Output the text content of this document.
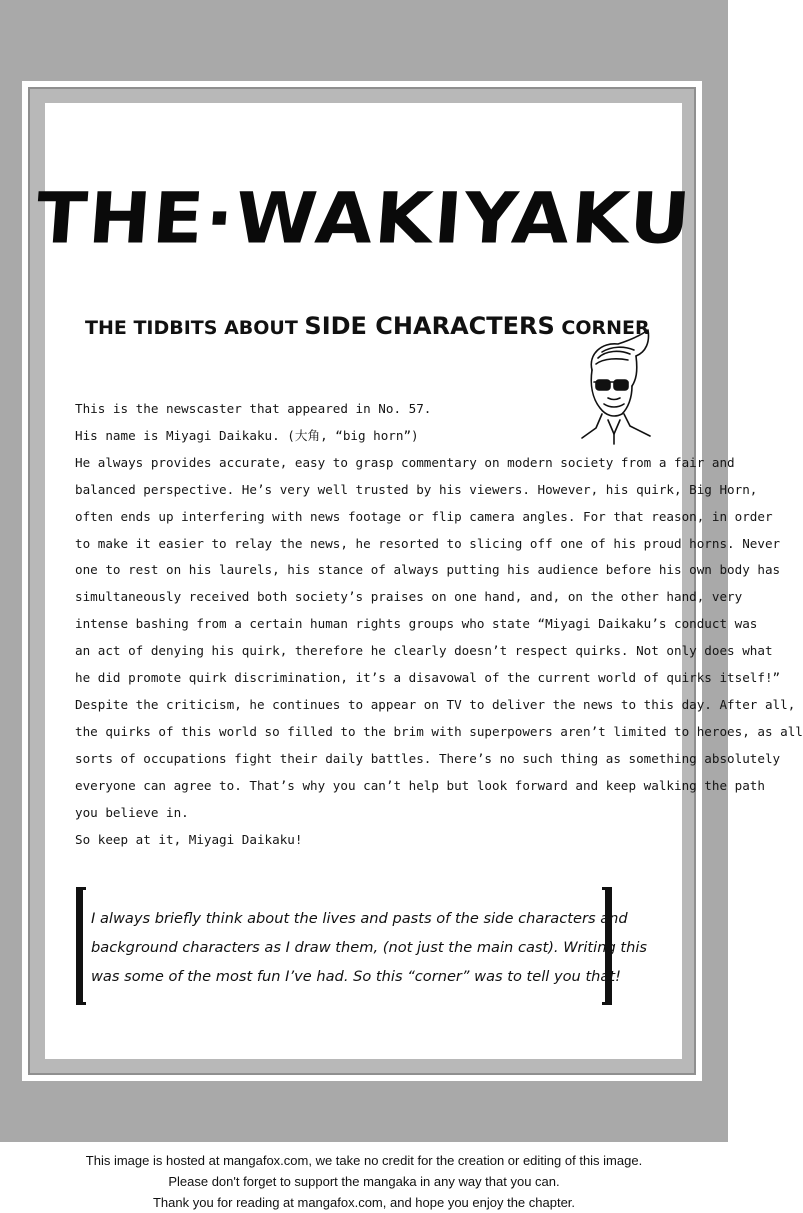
THE·WAKIYAKU
THE TIDBITS ABOUT SIDE CHARACTERS CORNER
This is the newscaster that appeared in No. 57.
His name is Miyagi Daikaku. (大角, “big horn”)
He always provides accurate, easy to grasp commentary on modern society from a fair and
balanced perspective. He’s very well trusted by his viewers. However, his quirk, Big Horn,
often ends up interfering with news footage or flip camera angles. For that reason, in order
to make it easier to relay the news, he resorted to slicing off one of his proud horns. Never
one to rest on his laurels, his stance of always putting his audience before his own body has
simultaneously received both society’s praises on one hand, and, on the other hand, very
intense bashing from a certain human rights groups who state “Miyagi Daikaku’s conduct was
an act of denying his quirk, therefore he clearly doesn’t respect quirks. Not only does what
he did promote quirk discrimination, it’s a disavowal of the current world of quirks itself!”
Despite the criticism, he continues to appear on TV to deliver the news to this day. After all,
the quirks of this world so filled to the brim with superpowers aren’t limited to heroes, as all
sorts of occupations fight their daily battles. There’s no such thing as something absolutely
everyone can agree to. That’s why you can’t help but look forward and keep walking the path
you believe in.
So keep at it, Miyagi Daikaku!
I always briefly think about the lives and pasts of the side characters and
background characters as I draw them, (not just the main cast). Writing this
was some of the most fun I’ve had. So this “corner” was to tell you that!
This image is hosted at mangafox.com, we take no credit for the creation or editing of this image.
Please don't forget to support the mangaka in any way that you can.
Thank you for reading at mangafox.com, and hope you enjoy the chapter.
